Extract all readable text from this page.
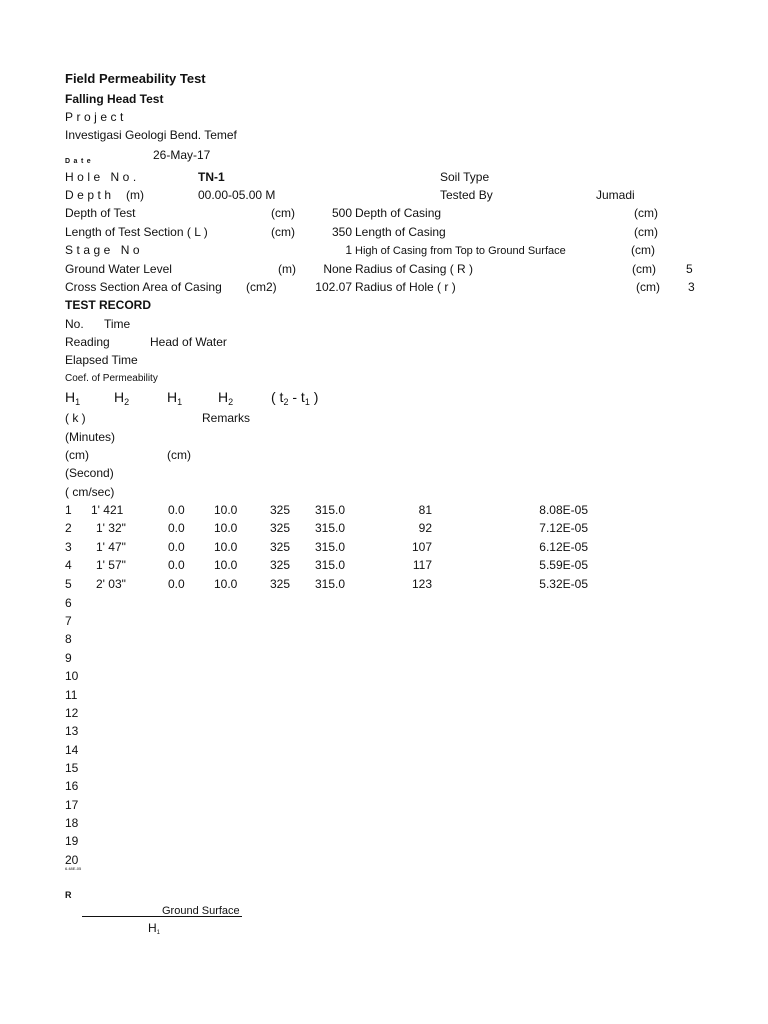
Field Permeability Test
Falling Head Test
Project
Investigasi Geologi Bend. Temef
Date	26-May-17
Hole No.	TN-1	Soil Type
Depth (m)	00.00-05.00 M	Tested By	Jumadi
Depth of Test	(cm)	500 Depth of Casing	(cm)
Length of Test Section ( L )	(cm)	350 Length of Casing	(cm)
Stage No	1 High of Casing from Top to Ground Surface	(cm)
Ground Water Level	(m)	None Radius of Casing ( R )	(cm)	5
Cross Section Area of Casing (cm2)	102.07 Radius of Hole ( r )	(cm) 3
TEST RECORD
No. Time
Reading	Head of Water
Elapsed Time
Coef. of Permeability
$H_1$ $H_2$	$H_1$	$H_2$	( $t_2 - t_1$ )
( k )	Remarks
(Minutes)
(cm)	(cm)
(Second)
( cm/sec)
1 1' 421	0.0 10.0	325 315.0	81	8.08E-05
2 1' 32"	0.0 10.0	325 315.0	92	7.12E-05
3 1' 47"	0.0 10.0	325 315.0	107	6.12E-05
4 1' 57"	0.0 10.0	325 315.0	117	5.59E-05
5 2' 03"	0.0 10.0	325 315.0	123	5.32E-05
6
7
8
9
10
11
12
13
14
15
16
17
18
19
20
6.48E-05
R
Ground Surface
$H_1$
